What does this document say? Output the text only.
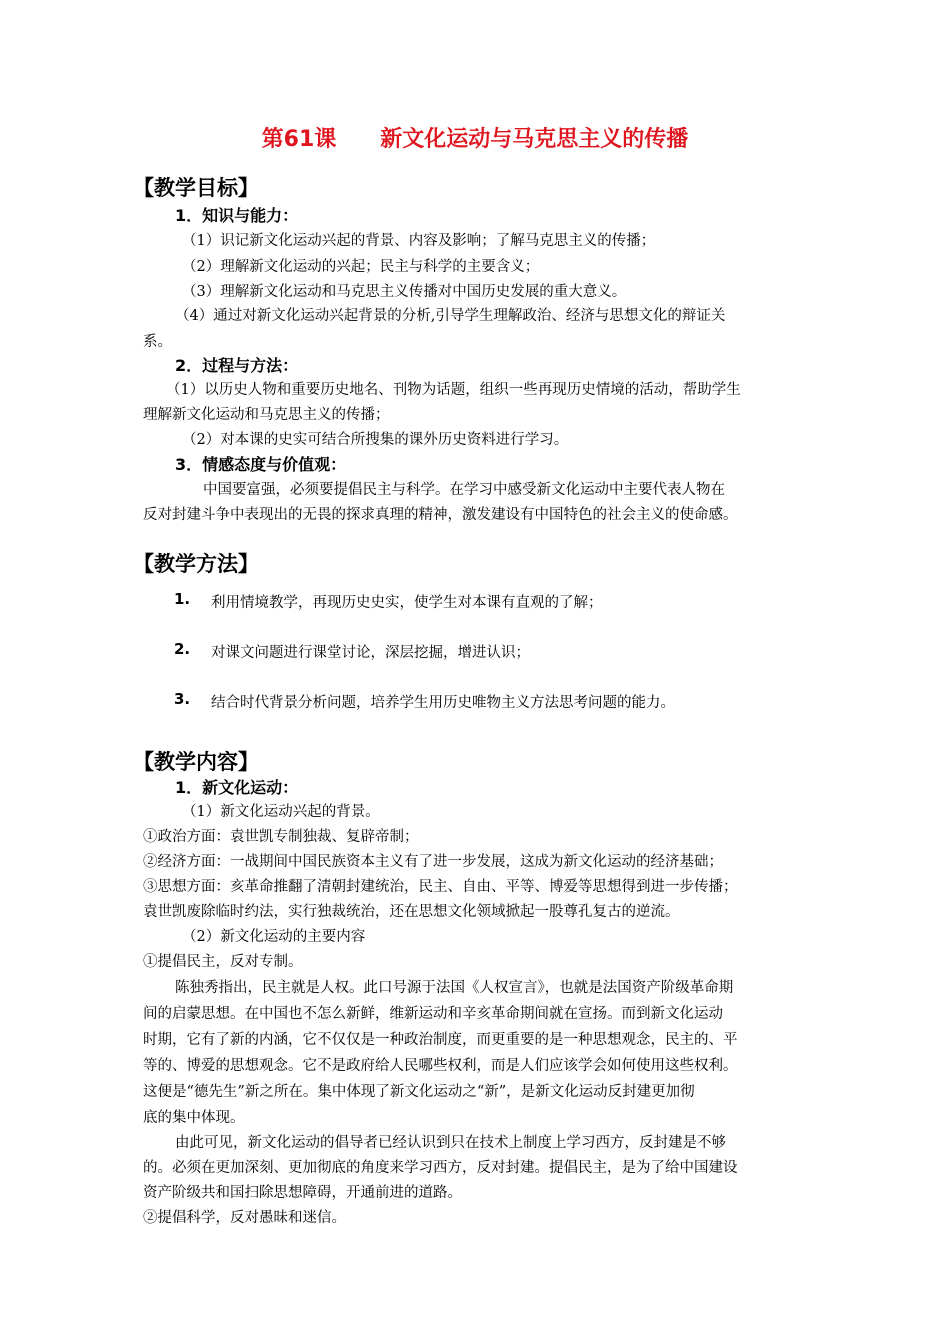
第61课 新文化运动与马克思主义的传播
【教学目标】
1．知识与能力：
（1）识记新文化运动兴起的背景、内容及影响；了解马克思主义的传播；
（2）理解新文化运动的兴起；民主与科学的主要含义；
（3）理解新文化运动和马克思主义传播对中国历史发展的重大意义。
（4）通过对新文化运动兴起背景的分析,引导学生理解政治、经济与思想文化的辩证关
系。
2．过程与方法：
（1）以历史人物和重要历史地名、刊物为话题，组织一些再现历史情境的活动，帮助学生
理解新文化运动和马克思主义的传播；
（2）对本课的史实可结合所搜集的课外历史资料进行学习。
3．情感态度与价值观：
中国要富强，必须要提倡民主与科学。在学习中感受新文化运动中主要代表人物在
反对封建斗争中表现出的无畏的探求真理的精神，激发建设有中国特色的社会主义的使命感。
【教学方法】
1. 利用情境教学，再现历史史实，使学生对本课有直观的了解；
2. 对课文问题进行课堂讨论，深层挖掘，增进认识；
3. 结合时代背景分析问题，培养学生用历史唯物主义方法思考问题的能力。
【教学内容】
1．新文化运动：
（1）新文化运动兴起的背景。
①政治方面：袁世凯专制独裁、复辟帝制；
②经济方面：一战期间中国民族资本主义有了进一步发展，这成为新文化运动的经济基础；
③思想方面：亥革命推翻了清朝封建统治，民主、自由、平等、博爱等思想得到进一步传播；
袁世凯废除临时约法，实行独裁统治，还在思想文化领域掀起一股尊孔复古的逆流。
（2）新文化运动的主要内容
①提倡民主，反对专制。
陈独秀指出，民主就是人权。此口号源于法国《人权宣言》，也就是法国资产阶级革命期
间的启蒙思想。在中国也不怎么新鲜，维新运动和辛亥革命期间就在宣扬。而到新文化运动
时期，它有了新的内涵，它不仅仅是一种政治制度，而更重要的是一种思想观念，民主的、平
等的、博爱的思想观念。它不是政府给人民哪些权利，而是人们应该学会如何使用这些权利。
这便是“德先生”新之所在。集中体现了新文化运动之“新”，是新文化运动反封建更加彻
底的集中体现。
由此可见，新文化运动的倡导者已经认识到只在技术上制度上学习西方，反封建是不够
的。必须在更加深刻、更加彻底的角度来学习西方，反对封建。提倡民主，是为了给中国建设
资产阶级共和国扫除思想障碍，开通前进的道路。
②提倡科学，反对愚昧和迷信。
